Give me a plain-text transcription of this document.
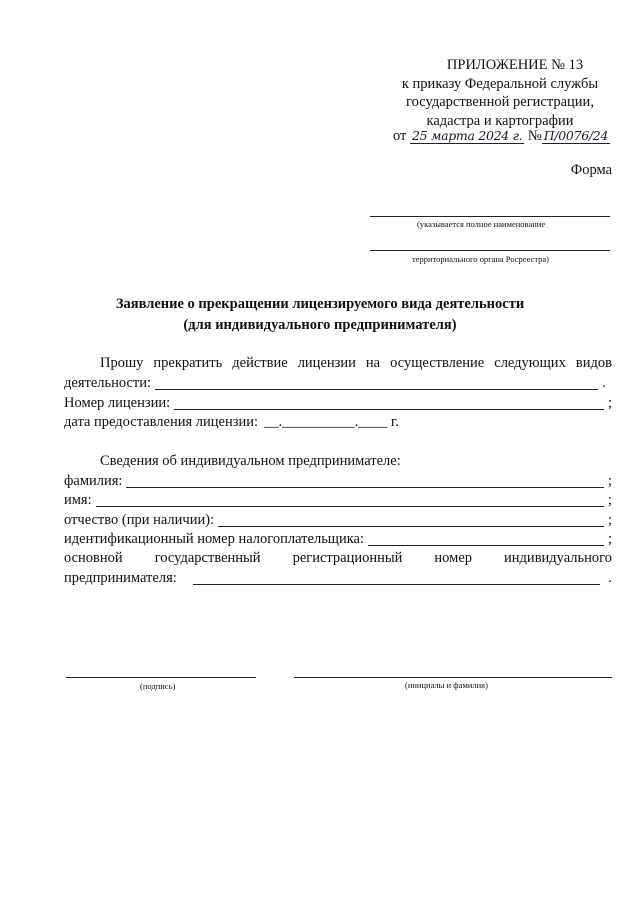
ПРИЛОЖЕНИЕ № 13
к приказу Федеральной службы
государственной регистрации,
кадастра и картографии
от 25 марта 2024 г. № П/0076/24
Форма
(указывается полное наименование
территориального органа Росреестра)
Заявление о прекращении лицензируемого вида деятельности
(для индивидуального предпринимателя)
Прошу прекратить действие лицензии на осуществление следующих видов
деятельности:	.
Номер лицензии:	;
дата предоставления лицензии: __.__________.____ г.
Сведения об индивидуальном предпринимателе:
фамилия:	;
имя:	;
отчество (при наличии):	;
идентификационный номер налогоплательщика:	;
основной государственный регистрационный номер индивидуального
предпринимателя:	.
(подпись)	(инициалы и фамилия)
